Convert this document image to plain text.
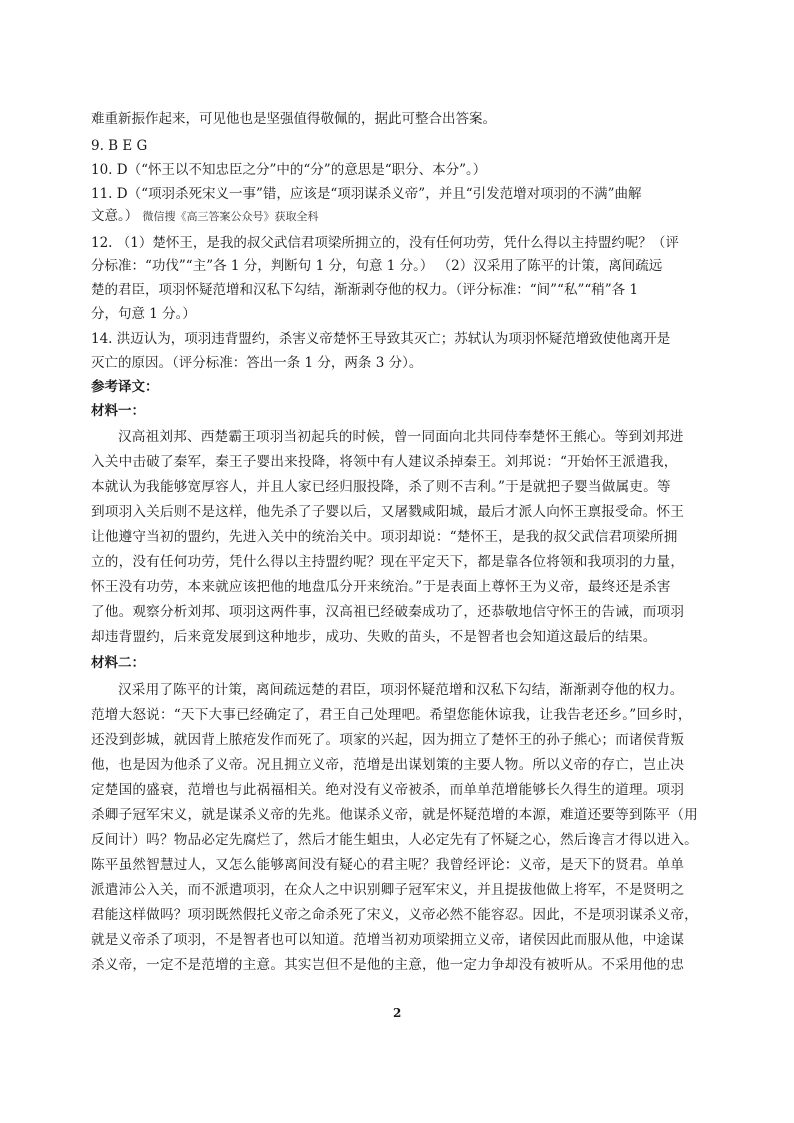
难重新振作起来，可见他也是坚强值得敬佩的，据此可整合出答案。
9. B E G
10. D（“怀王以不知忠臣之分”中的“分”的意思是“职分、本分”。）
11. D（“项羽杀死宋义一事”错，应该是“项羽谋杀义帝”，并且“引发范增对项羽的不满”曲解
文意。） 微信搜《高三答案公众号》获取全科
12. （1）楚怀王，是我的叔父武信君项梁所拥立的，没有任何功劳，凭什么得以主持盟约呢？（评
分标准：“功伐”“主”各 1 分，判断句 1 分，句意 1 分。） （2）汉采用了陈平的计策，离间疏远
楚的君臣，项羽怀疑范增和汉私下勾结，渐渐剥夺他的权力。（评分标准：“间”“私”“稍”各 1
分，句意 1 分。）
14. 洪迈认为，项羽违背盟约，杀害义帝楚怀王导致其灭亡；苏轼认为项羽怀疑范增致使他离开是
灭亡的原因。（评分标准：答出一条 1 分，两条 3 分）。
参考译文：
材料一：
汉高祖刘邦、西楚霸王项羽当初起兵的时候，曾一同面向北共同侍奉楚怀王熊心。等到刘邦进
入关中击破了秦军，秦王子婴出来投降，将领中有人建议杀掉秦王。刘邦说：“开始怀王派遣我，
本就认为我能够宽厚容人，并且人家已经归服投降，杀了则不吉利。”于是就把子婴当做属吏。等
到项羽入关后则不是这样，他先杀了子婴以后，又屠戮咸阳城，最后才派人向怀王禀报受命。怀王
让他遵守当初的盟约，先进入关中的统治关中。项羽却说：“楚怀王，是我的叔父武信君项梁所拥
立的，没有任何功劳，凭什么得以主持盟约呢？现在平定天下，都是靠各位将领和我项羽的力量，
怀王没有功劳，本来就应该把他的地盘瓜分开来统治。”于是表面上尊怀王为义帝，最终还是杀害
了他。观察分析刘邦、项羽这两件事，汉高祖已经破秦成功了，还恭敬地信守怀王的告诫，而项羽
却违背盟约，后来竟发展到这种地步，成功、失败的苗头，不是智者也会知道这最后的结果。
材料二：
汉采用了陈平的计策，离间疏远楚的君臣，项羽怀疑范增和汉私下勾结，渐渐剥夺他的权力。
范增大怒说：“天下大事已经确定了，君王自己处理吧。希望您能休谅我，让我告老还乡。”回乡时，
还没到彭城，就因背上脓疮发作而死了。项家的兴起，因为拥立了楚怀王的孙子熊心；而诸侯背叛
他，也是因为他杀了义帝。况且拥立义帝，范增是出谋划策的主要人物。所以义帝的存亡，岂止决
定楚国的盛衰，范增也与此祸福相关。绝对没有义帝被杀，而单单范增能够长久得生的道理。项羽
杀卿子冠军宋义，就是谋杀义帝的先兆。他谋杀义帝，就是怀疑范增的本源，难道还要等到陈平（用
反间计）吗？物品必定先腐烂了，然后才能生蛆虫，人必定先有了怀疑之心，然后谗言才得以进入。
陈平虽然智慧过人，又怎么能够离间没有疑心的君主呢？我曾经评论：义帝，是天下的贤君。单单
派遣沛公入关，而不派遣项羽，在众人之中识别卿子冠军宋义，并且提拔他做上将军，不是贤明之
君能这样做吗？项羽既然假托义帝之命杀死了宋义，义帝必然不能容忍。因此，不是项羽谋杀义帝，
就是义帝杀了项羽，不是智者也可以知道。范增当初劝项梁拥立义帝，诸侯因此而服从他，中途谋
杀义帝，一定不是范增的主意。其实岂但不是他的主意，他一定力争却没有被听从。不采用他的忠
2
